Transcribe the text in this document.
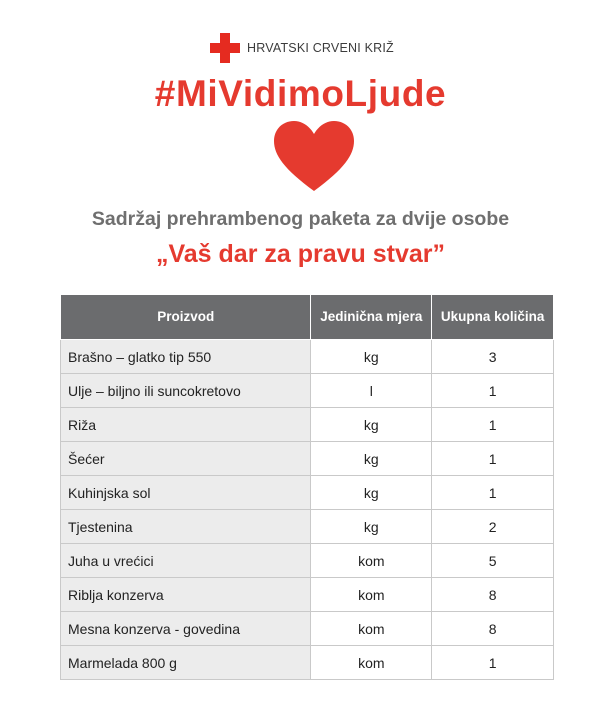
HRVATSKI CRVENI KRIŽ
#MiVidimoLjude
Sadržaj prehrambenog paketa za dvije osobe
„Vaš dar za pravu stvar”
Proizvod	Jedinična mjera	Ukupna količina
Brašno – glatko tip 550	kg	3
Ulje – biljno ili suncokretovo	l	1
Riža	kg	1
Šećer	kg	1
Kuhinjska sol	kg	1
Tjestenina	kg	2
Juha u vrećici	kom	5
Riblja konzerva	kom	8
Mesna konzerva - govedina	kom	8
Marmelada 800 g	kom	1
